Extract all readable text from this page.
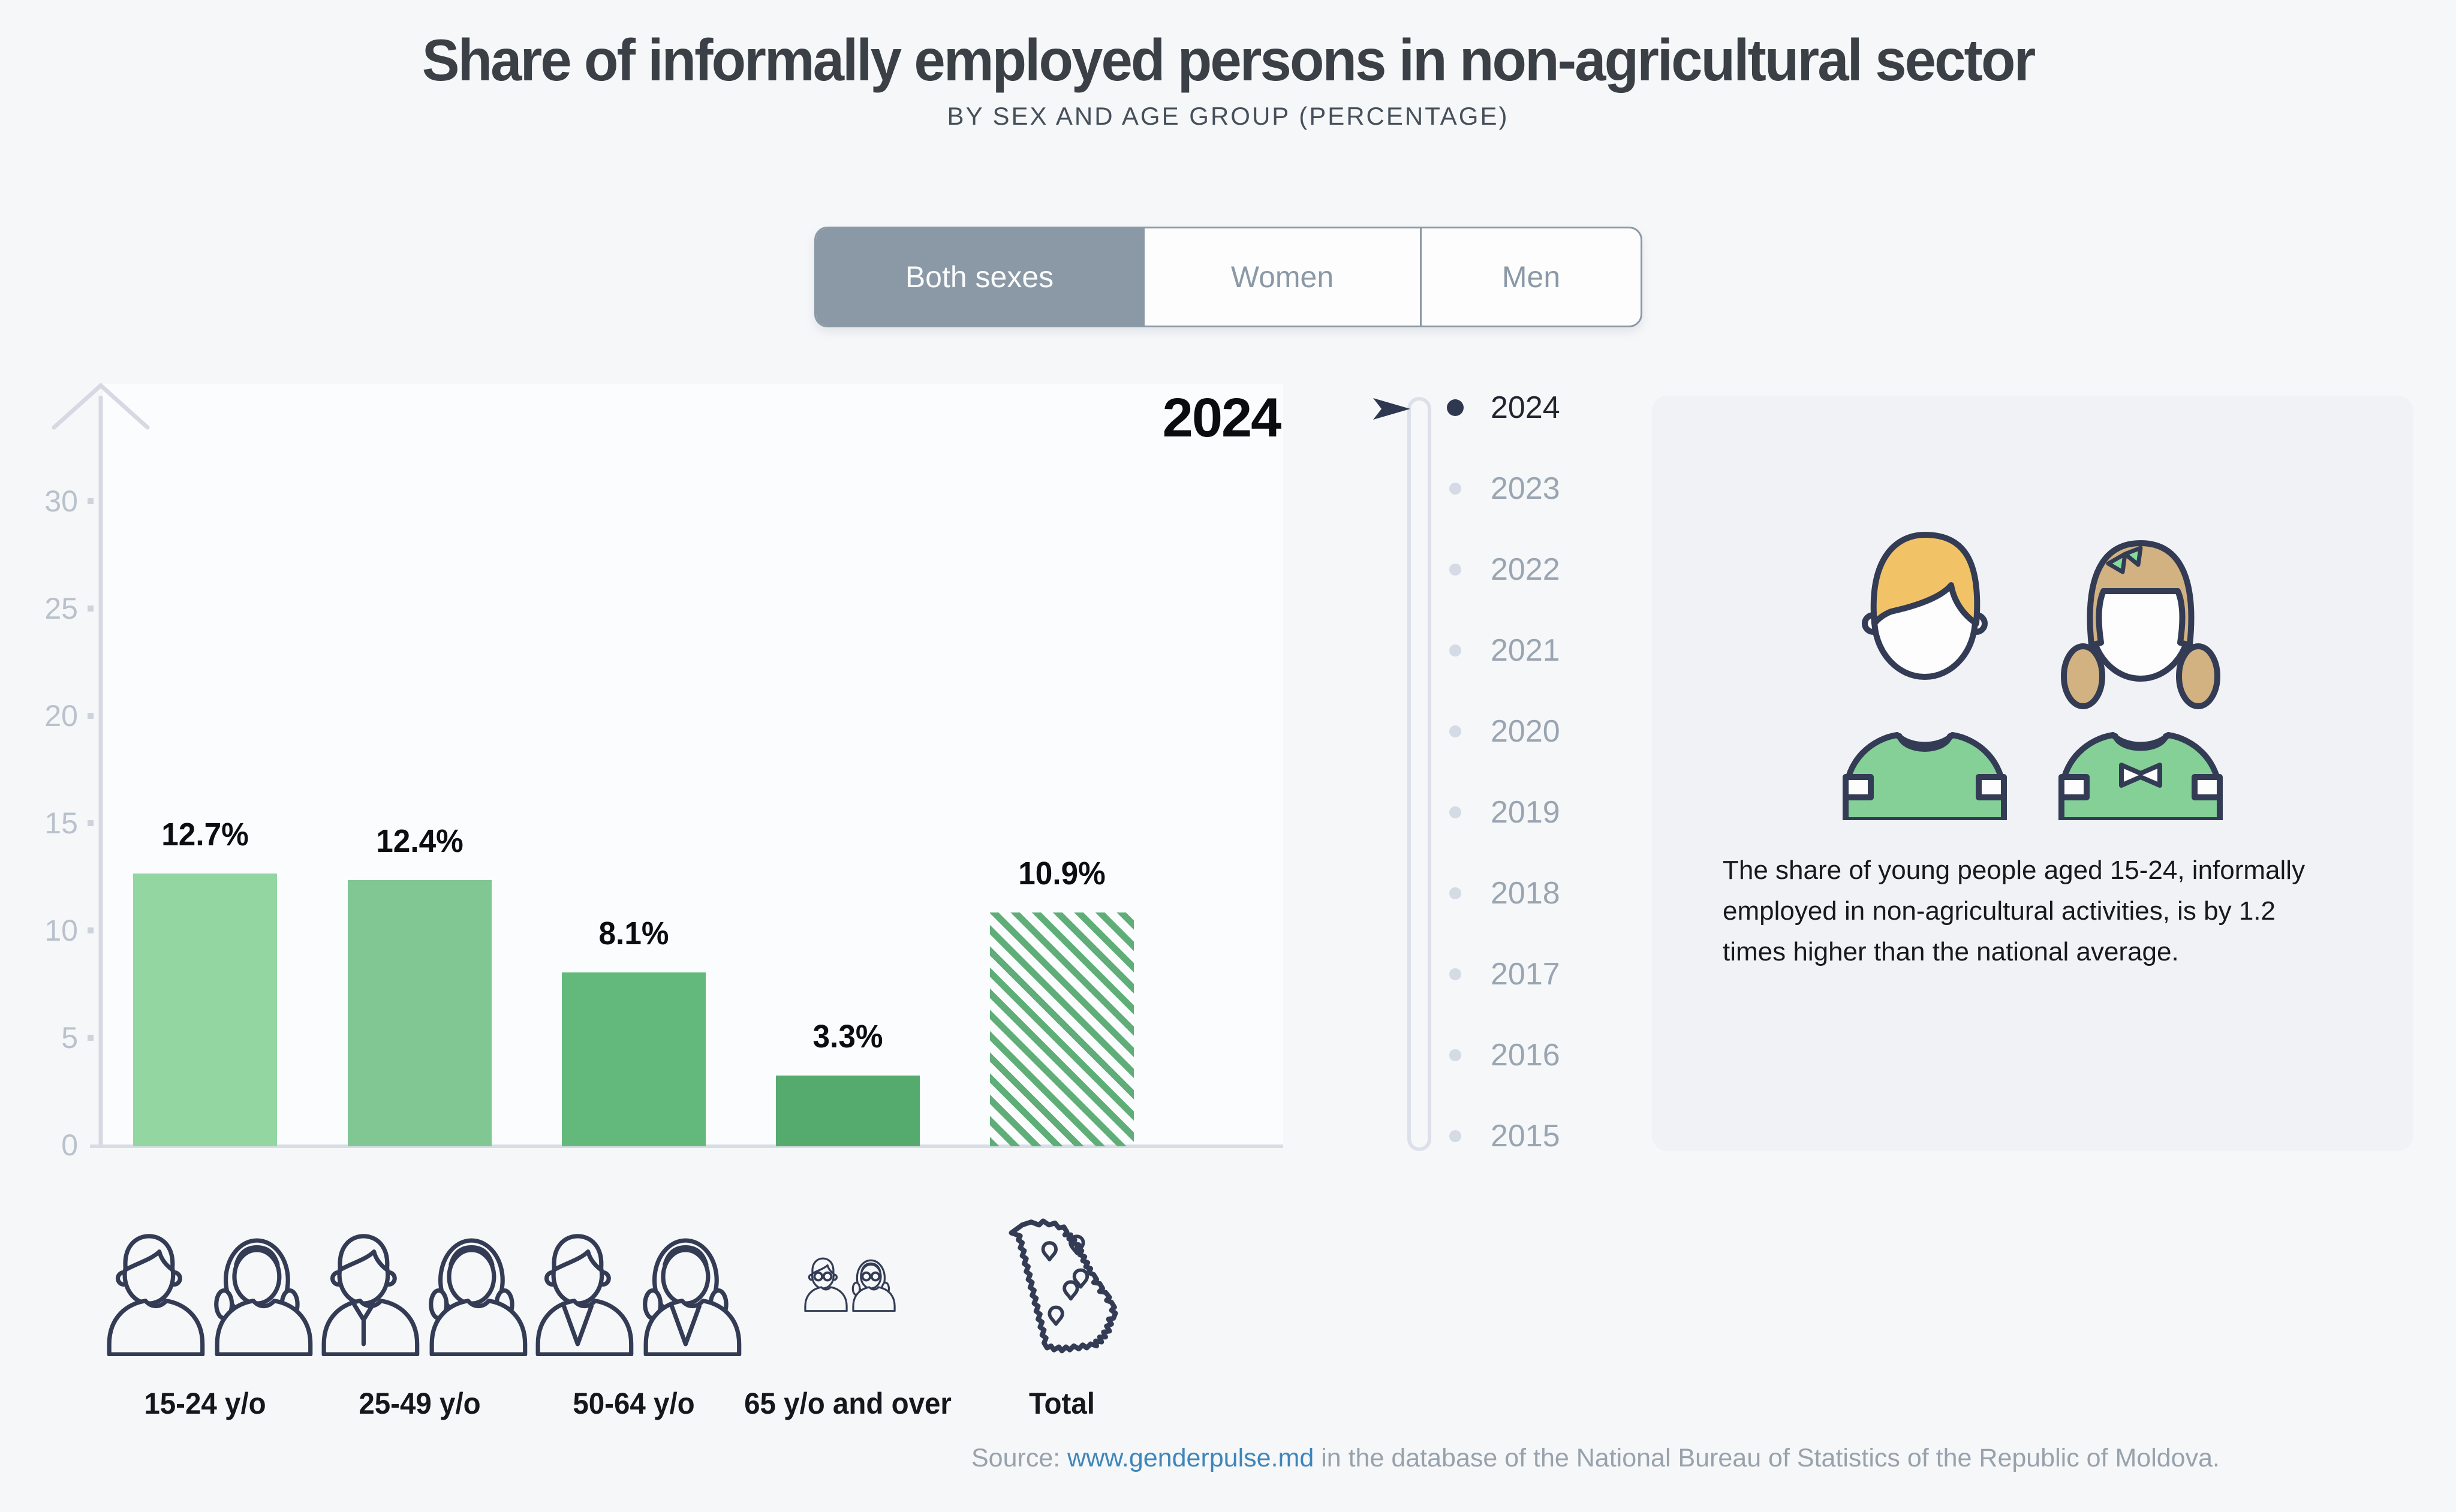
Share of informally employed persons in non-agricultural sector
BY SEX AND AGE GROUP (PERCENTAGE)
Both sexes	Women	Men
0
5
10
15
20
25
30
12.7%	12.4%
8.1%
3.3%
10.9%
15-24 y/o	25-49 y/o	50-64 y/o 65 y/o and over	Total
2024	2024
2023
2022
2021
2020
2019
2018
2017
2016
2015
The share of young people aged 15-24, informally employed in non-agricultural activities, is by 1.2 times higher than the national average.
Source: www.genderpulse.md in the database of the National Bureau of Statistics of the Republic of Moldova.
